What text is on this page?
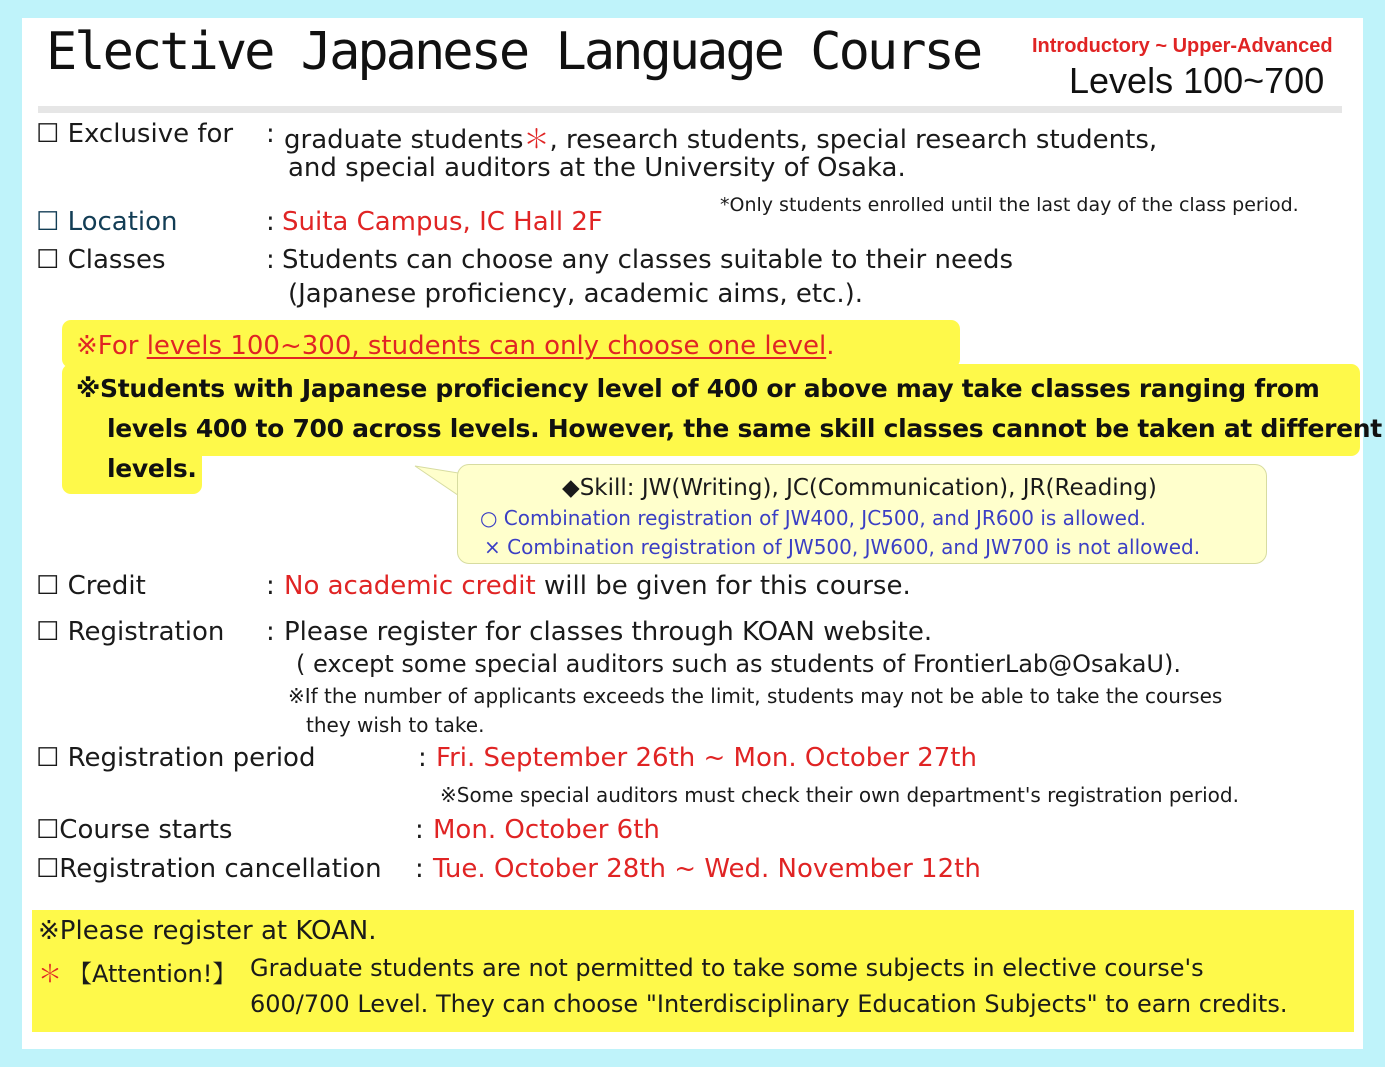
Elective Japanese Language Course	Introductory ~ Upper-Advanced
Levels 100~700
☐ Exclusive for : graduate students＊, research students, special research students,
and special auditors at the University of Osaka.
*Only students enrolled until the last day of the class period.
☐ Location	: Suita Campus, IC Hall 2F
☐ Classes	: Students can choose any classes suitable to their needs
(Japanese proficiency, academic aims, etc.).
※For levels 100~300, students can only choose one level.
※Students with Japanese proficiency level of 400 or above may take classes ranging from
levels 400 to 700 across levels. However, the same skill classes cannot be taken at different
levels.
◆Skill: JW(Writing), JC(Communication), JR(Reading)
○ Combination registration of JW400, JC500, and JR600 is allowed.
× Combination registration of JW500, JW600, and JW700 is not allowed.
☐ Credit	: No academic credit will be given for this course.
☐ Registration : Please register for classes through KOAN website.
( except some special auditors such as students of FrontierLab@OsakaU).
※If the number of applicants exceeds the limit, students may not be able to take the courses
they wish to take.
☐ Registration period	: Fri. September 26th ~ Mon. October 27th
※Some special auditors must check their own department's registration period.
☐Course starts	: Mon. October 6th
☐Registration cancellation : Tue. October 28th ~ Wed. November 12th
※Please register at KOAN.
＊ 【Attention!】 Graduate students are not permitted to take some subjects in elective course's
600/700 Level. They can choose "Interdisciplinary Education Subjects" to earn credits.
